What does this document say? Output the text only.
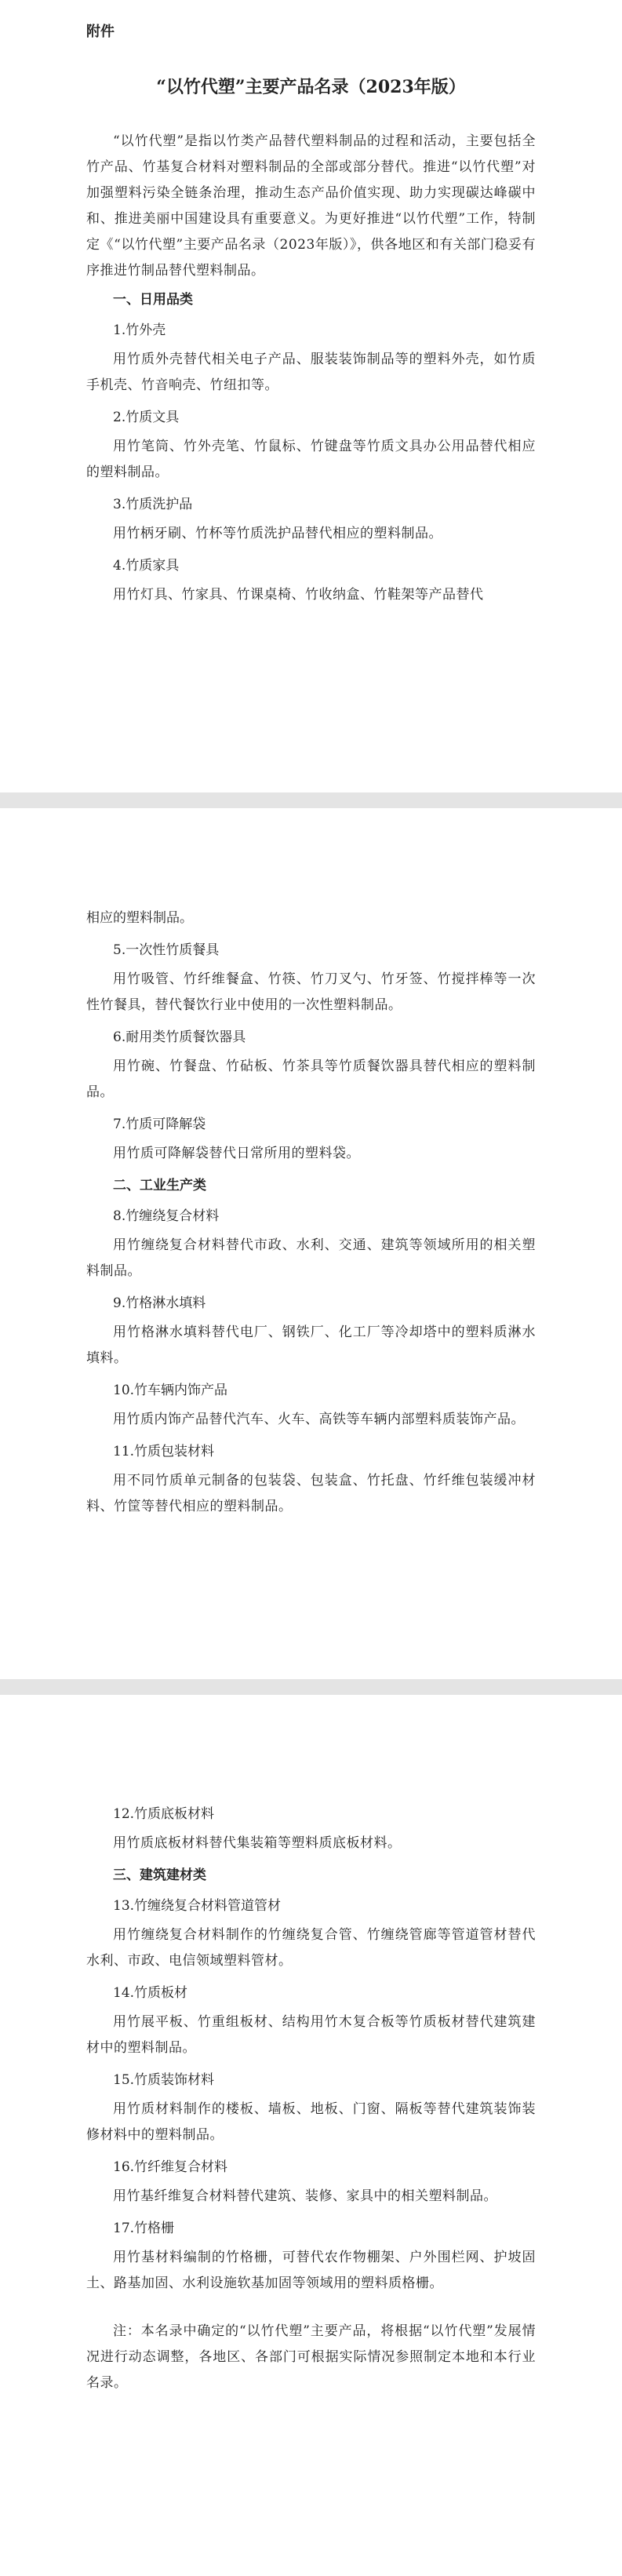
附件
“以竹代塑”主要产品名录（2023年版）

“以竹代塑”是指以竹类产品替代塑料制品的过程和活动，主要包括全竹产品、竹基复合材料对塑料制品的全部或部分替代。推进“以竹代塑”对加强塑料污染全链条治理，推动生态产品价值实现、助力实现碳达峰碳中和、推进美丽中国建设具有重要意义。为更好推进“以竹代塑”工作，特制定《“以竹代塑”主要产品名录（2023年版）》，供各地区和有关部门稳妥有序推进竹制品替代塑料制品。

一、日用品类

1.竹外壳

用竹质外壳替代相关电子产品、服装装饰制品等的塑料外壳，如竹质手机壳、竹音响壳、竹纽扣等。

2.竹质文具

用竹笔筒、竹外壳笔、竹鼠标、竹键盘等竹质文具办公用品替代相应的塑料制品。

3.竹质洗护品

用竹柄牙刷、竹杯等竹质洗护品替代相应的塑料制品。

4.竹质家具

用竹灯具、竹家具、竹课桌椅、竹收纳盒、竹鞋架等产品替代

相应的塑料制品。

5.一次性竹质餐具

用竹吸管、竹纤维餐盒、竹筷、竹刀叉勺、竹牙签、竹搅拌棒等一次性竹餐具，替代餐饮行业中使用的一次性塑料制品。

6.耐用类竹质餐饮器具

用竹碗、竹餐盘、竹砧板、竹茶具等竹质餐饮器具替代相应的塑料制品。

7.竹质可降解袋

用竹质可降解袋替代日常所用的塑料袋。

二、工业生产类

8.竹缠绕复合材料

用竹缠绕复合材料替代市政、水利、交通、建筑等领域所用的相关塑料制品。

9.竹格淋水填料

用竹格淋水填料替代电厂、钢铁厂、化工厂等冷却塔中的塑料质淋水填料。

10.竹车辆内饰产品

用竹质内饰产品替代汽车、火车、高铁等车辆内部塑料质装饰产品。

11.竹质包装材料

用不同竹质单元制备的包装袋、包装盒、竹托盘、竹纤维包装缓冲材料、竹筐等替代相应的塑料制品。

12.竹质底板材料

用竹质底板材料替代集装箱等塑料质底板材料。

三、建筑建材类

13.竹缠绕复合材料管道管材

用竹缠绕复合材料制作的竹缠绕复合管、竹缠绕管廊等管道管材替代水利、市政、电信领域塑料管材。

14.竹质板材

用竹展平板、竹重组板材、结构用竹木复合板等竹质板材替代建筑建材中的塑料制品。

15.竹质装饰材料

用竹质材料制作的楼板、墙板、地板、门窗、隔板等替代建筑装饰装修材料中的塑料制品。

16.竹纤维复合材料

用竹基纤维复合材料替代建筑、装修、家具中的相关塑料制品。

17.竹格栅

用竹基材料编制的竹格栅，可替代农作物棚架、户外围栏网、护坡固土、路基加固、水利设施软基加固等领域用的塑料质格栅。

注：本名录中确定的“以竹代塑”主要产品，将根据“以竹代塑”发展情况进行动态调整，各地区、各部门可根据实际情况参照制定本地和本行业名录。
